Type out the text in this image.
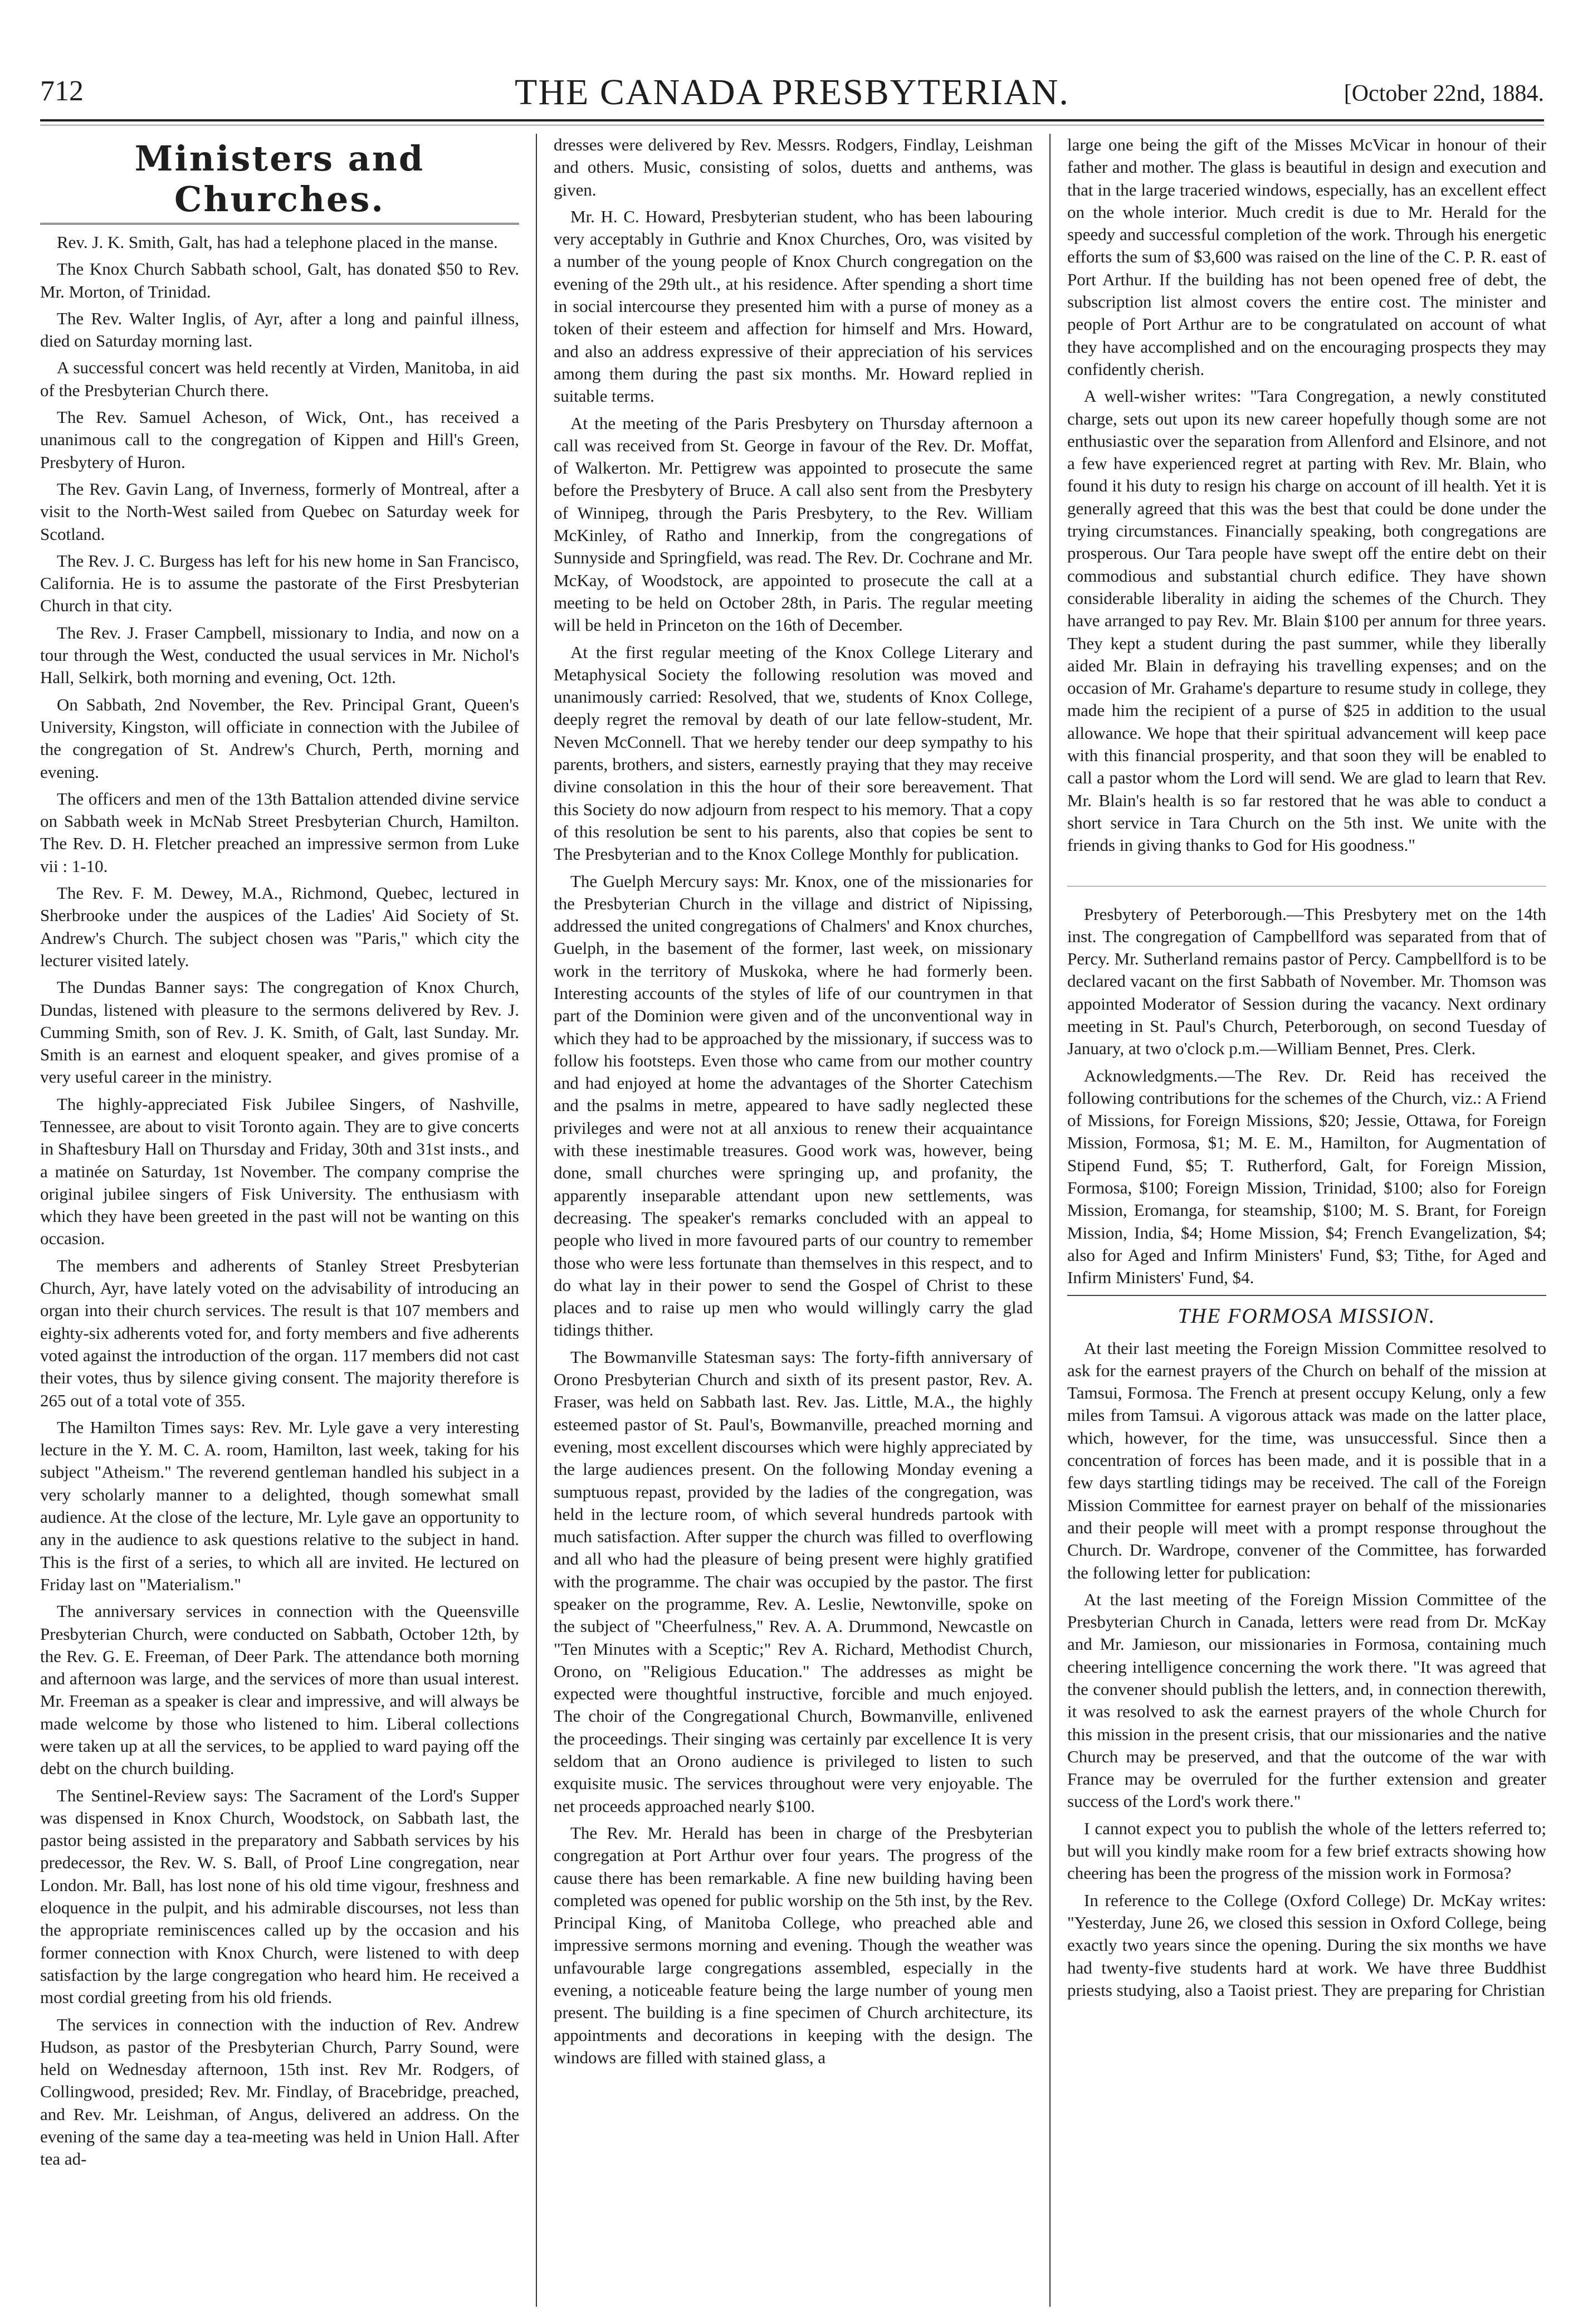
712	THE CANADA PRESBYTERIAN.	[October 22nd, 1884.
Ministers and Churches.

Rev. J. K. Smith, Galt, has had a telephone placed in the manse.

The Knox Church Sabbath school, Galt, has donated $50 to Rev. Mr. Morton, of Trinidad.

The Rev. Walter Inglis, of Ayr, after a long and painful illness, died on Saturday morning last.

A successful concert was held recently at Virden, Manitoba, in aid of the Presbyterian Church there.

The Rev. Samuel Acheson, of Wick, Ont., has received a unanimous call to the congregation of Kippen and Hill's Green, Presbytery of Huron.

The Rev. Gavin Lang, of Inverness, formerly of Montreal, after a visit to the North-West sailed from Quebec on Saturday week for Scotland.

The Rev. J. C. Burgess has left for his new home in San Francisco, California. He is to assume the pastorate of the First Presbyterian Church in that city.

The Rev. J. Fraser Campbell, missionary to India, and now on a tour through the West, conducted the usual services in Mr. Nichol's Hall, Selkirk, both morning and evening, Oct. 12th.

On Sabbath, 2nd November, the Rev. Principal Grant, Queen's University, Kingston, will officiate in connection with the Jubilee of the congregation of St. Andrew's Church, Perth, morning and evening.

The officers and men of the 13th Battalion attended divine service on Sabbath week in McNab Street Presbyterian Church, Hamilton. The Rev. D. H. Fletcher preached an impressive sermon from Luke vii : 1-10.

The Rev. F. M. Dewey, M.A., Richmond, Quebec, lectured in Sherbrooke under the auspices of the Ladies' Aid Society of St. Andrew's Church. The subject chosen was "Paris," which city the lecturer visited lately.

The Dundas Banner says: The congregation of Knox Church, Dundas, listened with pleasure to the sermons delivered by Rev. J. Cumming Smith, son of Rev. J. K. Smith, of Galt, last Sunday. Mr. Smith is an earnest and eloquent speaker, and gives promise of a very useful career in the ministry.

The highly-appreciated Fisk Jubilee Singers, of Nashville, Tennessee, are about to visit Toronto again. They are to give concerts in Shaftesbury Hall on Thursday and Friday, 30th and 31st insts., and a matinée on Saturday, 1st November. The company comprise the original jubilee singers of Fisk University. The enthusiasm with which they have been greeted in the past will not be wanting on this occasion.

The members and adherents of Stanley Street Presbyterian Church, Ayr, have lately voted on the advisability of introducing an organ into their church services. The result is that 107 members and eighty-six adherents voted for, and forty members and five adherents voted against the introduction of the organ. 117 members did not cast their votes, thus by silence giving consent. The majority therefore is 265 out of a total vote of 355.

The Hamilton Times says: Rev. Mr. Lyle gave a very interesting lecture in the Y. M. C. A. room, Hamilton, last week, taking for his subject "Atheism." The reverend gentleman handled his subject in a very scholarly manner to a delighted, though somewhat small audience. At the close of the lecture, Mr. Lyle gave an opportunity to any in the audience to ask questions relative to the subject in hand. This is the first of a series, to which all are invited. He lectured on Friday last on "Materialism."

The anniversary services in connection with the Queensville Presbyterian Church, were conducted on Sabbath, October 12th, by the Rev. G. E. Freeman, of Deer Park. The attendance both morning and afternoon was large, and the services of more than usual interest. Mr. Freeman as a speaker is clear and impressive, and will always be made welcome by those who listened to him. Liberal collections were taken up at all the services, to be applied to ward paying off the debt on the church building.

The Sentinel-Review says: The Sacrament of the Lord's Supper was dispensed in Knox Church, Woodstock, on Sabbath last, the pastor being assisted in the preparatory and Sabbath services by his predecessor, the Rev. W. S. Ball, of Proof Line congregation, near London. Mr. Ball, has lost none of his old time vigour, freshness and eloquence in the pulpit, and his admirable discourses, not less than the appropriate reminiscences called up by the occasion and his former connection with Knox Church, were listened to with deep satisfaction by the large congregation who heard him. He received a most cordial greeting from his old friends.

The services in connection with the induction of Rev. Andrew Hudson, as pastor of the Presbyterian Church, Parry Sound, were held on Wednesday afternoon, 15th inst. Rev Mr. Rodgers, of Collingwood, presided; Rev. Mr. Findlay, of Bracebridge, preached, and Rev. Mr. Leishman, of Angus, delivered an address. On the evening of the same day a tea-meeting was held in Union Hall. After tea ad-

dresses were delivered by Rev. Messrs. Rodgers, Findlay, Leishman and others. Music, consisting of solos, duetts and anthems, was given.

Mr. H. C. Howard, Presbyterian student, who has been labouring very acceptably in Guthrie and Knox Churches, Oro, was visited by a number of the young people of Knox Church congregation on the evening of the 29th ult., at his residence. After spending a short time in social intercourse they presented him with a purse of money as a token of their esteem and affection for himself and Mrs. Howard, and also an address expressive of their appreciation of his services among them during the past six months. Mr. Howard replied in suitable terms.

At the meeting of the Paris Presbytery on Thursday afternoon a call was received from St. George in favour of the Rev. Dr. Moffat, of Walkerton. Mr. Pettigrew was appointed to prosecute the same before the Presbytery of Bruce. A call also sent from the Presbytery of Winnipeg, through the Paris Presbytery, to the Rev. William McKinley, of Ratho and Innerkip, from the congregations of Sunnyside and Springfield, was read. The Rev. Dr. Cochrane and Mr. McKay, of Woodstock, are appointed to prosecute the call at a meeting to be held on October 28th, in Paris. The regular meeting will be held in Princeton on the 16th of December.

At the first regular meeting of the Knox College Literary and Metaphysical Society the following resolution was moved and unanimously carried: Resolved, that we, students of Knox College, deeply regret the removal by death of our late fellow-student, Mr. Neven McConnell. That we hereby tender our deep sympathy to his parents, brothers, and sisters, earnestly praying that they may receive divine consolation in this the hour of their sore bereavement. That this Society do now adjourn from respect to his memory. That a copy of this resolution be sent to his parents, also that copies be sent to The Presbyterian and to the Knox College Monthly for publication.

The Guelph Mercury says: Mr. Knox, one of the missionaries for the Presbyterian Church in the village and district of Nipissing, addressed the united congregations of Chalmers' and Knox churches, Guelph, in the basement of the former, last week, on missionary work in the territory of Muskoka, where he had formerly been. Interesting accounts of the styles of life of our countrymen in that part of the Dominion were given and of the unconventional way in which they had to be approached by the missionary, if success was to follow his footsteps. Even those who came from our mother country and had enjoyed at home the advantages of the Shorter Catechism and the psalms in metre, appeared to have sadly neglected these privileges and were not at all anxious to renew their acquaintance with these inestimable treasures. Good work was, however, being done, small churches were springing up, and profanity, the apparently inseparable attendant upon new settlements, was decreasing. The speaker's remarks concluded with an appeal to people who lived in more favoured parts of our country to remember those who were less fortunate than themselves in this respect, and to do what lay in their power to send the Gospel of Christ to these places and to raise up men who would willingly carry the glad tidings thither.

The Bowmanville Statesman says: The forty-fifth anniversary of Orono Presbyterian Church and sixth of its present pastor, Rev. A. Fraser, was held on Sabbath last. Rev. Jas. Little, M.A., the highly esteemed pastor of St. Paul's, Bowmanville, preached morning and evening, most excellent discourses which were highly appreciated by the large audiences present. On the following Monday evening a sumptuous repast, provided by the ladies of the congregation, was held in the lecture room, of which several hundreds partook with much satisfaction. After supper the church was filled to overflowing and all who had the pleasure of being present were highly gratified with the programme. The chair was occupied by the pastor. The first speaker on the programme, Rev. A. Leslie, Newtonville, spoke on the subject of "Cheerfulness," Rev. A. A. Drummond, Newcastle on "Ten Minutes with a Sceptic;" Rev A. Richard, Methodist Church, Orono, on "Religious Education." The addresses as might be expected were thoughtful instructive, forcible and much enjoyed. The choir of the Congregational Church, Bowmanville, enlivened the proceedings. Their singing was certainly par excellence It is very seldom that an Orono audience is privileged to listen to such exquisite music. The services throughout were very enjoyable. The net proceeds approached nearly $100.

The Rev. Mr. Herald has been in charge of the Presbyterian congregation at Port Arthur over four years. The progress of the cause there has been remarkable. A fine new building having been completed was opened for public worship on the 5th inst, by the Rev. Principal King, of Manitoba College, who preached able and impressive sermons morning and evening. Though the weather was unfavourable large congregations assembled, especially in the evening, a noticeable feature being the large number of young men present. The building is a fine specimen of Church architecture, its appointments and decorations in keeping with the design. The windows are filled with stained glass, a

large one being the gift of the Misses McVicar in honour of their father and mother. The glass is beautiful in design and execution and that in the large traceried windows, especially, has an excellent effect on the whole interior. Much credit is due to Mr. Herald for the speedy and successful completion of the work. Through his energetic efforts the sum of $3,600 was raised on the line of the C. P. R. east of Port Arthur. If the building has not been opened free of debt, the subscription list almost covers the entire cost. The minister and people of Port Arthur are to be congratulated on account of what they have accomplished and on the encouraging prospects they may confidently cherish.

A well-wisher writes: "Tara Congregation, a newly constituted charge, sets out upon its new career hopefully though some are not enthusiastic over the separation from Allenford and Elsinore, and not a few have experienced regret at parting with Rev. Mr. Blain, who found it his duty to resign his charge on account of ill health. Yet it is generally agreed that this was the best that could be done under the trying circumstances. Financially speaking, both congregations are prosperous. Our Tara people have swept off the entire debt on their commodious and substantial church edifice. They have shown considerable liberality in aiding the schemes of the Church. They have arranged to pay Rev. Mr. Blain $100 per annum for three years. They kept a student during the past summer, while they liberally aided Mr. Blain in defraying his travelling expenses; and on the occasion of Mr. Grahame's departure to resume study in college, they made him the recipient of a purse of $25 in addition to the usual allowance. We hope that their spiritual advancement will keep pace with this financial prosperity, and that soon they will be enabled to call a pastor whom the Lord will send. We are glad to learn that Rev. Mr. Blain's health is so far restored that he was able to conduct a short service in Tara Church on the 5th inst. We unite with the friends in giving thanks to God for His goodness."

Presbytery of Peterborough.—This Presbytery met on the 14th inst. The congregation of Campbellford was separated from that of Percy. Mr. Sutherland remains pastor of Percy. Campbellford is to be declared vacant on the first Sabbath of November. Mr. Thomson was appointed Moderator of Session during the vacancy. Next ordinary meeting in St. Paul's Church, Peterborough, on second Tuesday of January, at two o'clock p.m.—William Bennet, Pres. Clerk.

Acknowledgments.—The Rev. Dr. Reid has received the following contributions for the schemes of the Church, viz.: A Friend of Missions, for Foreign Missions, $20; Jessie, Ottawa, for Foreign Mission, Formosa, $1; M. E. M., Hamilton, for Augmentation of Stipend Fund, $5; T. Rutherford, Galt, for Foreign Mission, Formosa, $100; Foreign Mission, Trinidad, $100; also for Foreign Mission, Eromanga, for steamship, $100; M. S. Brant, for Foreign Mission, India, $4; Home Mission, $4; French Evangelization, $4; also for Aged and Infirm Ministers' Fund, $3; Tithe, for Aged and Infirm Ministers' Fund, $4.

THE FORMOSA MISSION.

At their last meeting the Foreign Mission Committee resolved to ask for the earnest prayers of the Church on behalf of the mission at Tamsui, Formosa. The French at present occupy Kelung, only a few miles from Tamsui. A vigorous attack was made on the latter place, which, however, for the time, was unsuccessful. Since then a concentration of forces has been made, and it is possible that in a few days startling tidings may be received. The call of the Foreign Mission Committee for earnest prayer on behalf of the missionaries and their people will meet with a prompt response throughout the Church. Dr. Wardrope, convener of the Committee, has forwarded the following letter for publication:

At the last meeting of the Foreign Mission Committee of the Presbyterian Church in Canada, letters were read from Dr. McKay and Mr. Jamieson, our missionaries in Formosa, containing much cheering intelligence concerning the work there. "It was agreed that the convener should publish the letters, and, in connection therewith, it was resolved to ask the earnest prayers of the whole Church for this mission in the present crisis, that our missionaries and the native Church may be preserved, and that the outcome of the war with France may be overruled for the further extension and greater success of the Lord's work there."

I cannot expect you to publish the whole of the letters referred to; but will you kindly make room for a few brief extracts showing how cheering has been the progress of the mission work in Formosa?

In reference to the College (Oxford College) Dr. McKay writes: "Yesterday, June 26, we closed this session in Oxford College, being exactly two years since the opening. During the six months we have had twenty-five students hard at work. We have three Buddhist priests studying, also a Taoist priest. They are preparing for Christian
